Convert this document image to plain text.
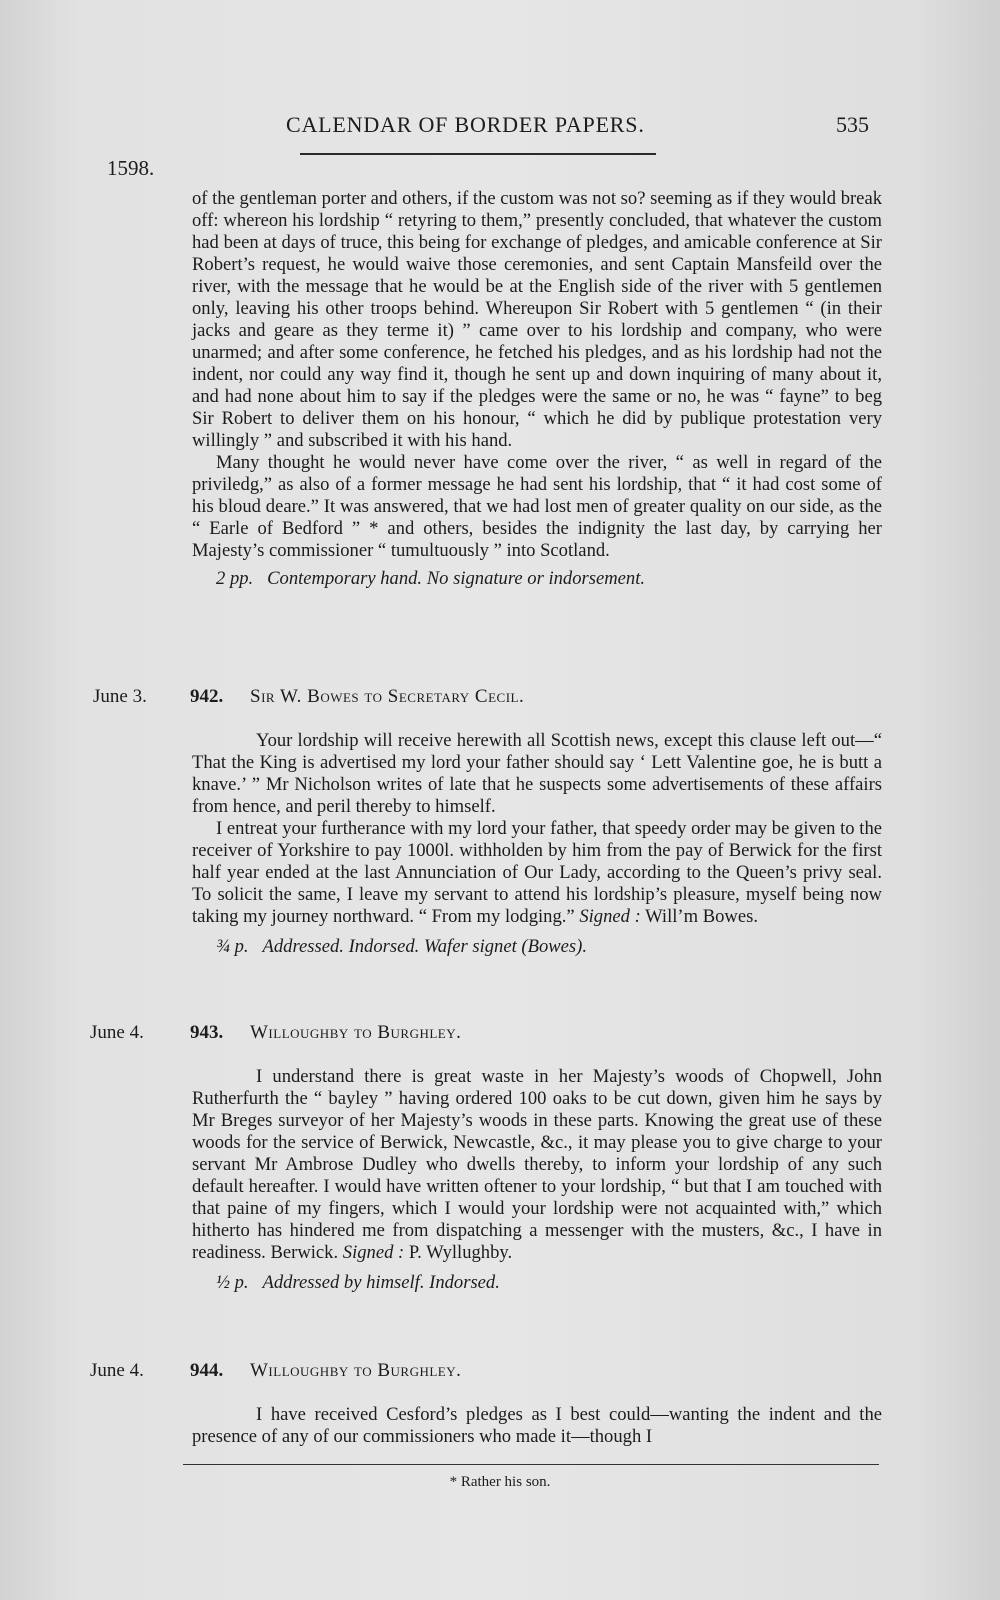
CALENDAR OF BORDER PAPERS.	535
1598.

of the gentleman porter and others, if the custom was not so? seeming as if they would break off: whereon his lordship “ retyring to them,” presently concluded, that whatever the custom had been at days of truce, this being for exchange of pledges, and amicable conference at Sir Robert’s request, he would waive those ceremonies, and sent Captain Mansfeild over the river, with the message that he would be at the English side of the river with 5 gentlemen only, leaving his other troops behind. Whereupon Sir Robert with 5 gentlemen “ (in their jacks and geare as they terme it) ” came over to his lordship and company, who were unarmed; and after some conference, he fetched his pledges, and as his lordship had not the indent, nor could any way find it, though he sent up and down inquiring of many about it, and had none about him to say if the pledges were the same or no, he was “ fayne” to beg Sir Robert to deliver them on his honour, “ which he did by publique protestation very willingly ” and subscribed it with his hand.

Many thought he would never have come over the river, “ as well in regard of the priviledg,” as also of a former message he had sent his lordship, that “ it had cost some of his bloud deare.” It was answered, that we had lost men of greater quality on our side, as the “ Earle of Bedford ” * and others, besides the indignity the last day, by carrying her Majesty’s commissioner “ tumultuously ” into Scotland.

2 pp. Contemporary hand. No signature or indorsement.

June 3. 942. Sir W. Bowes to Secretary Cecil.

Your lordship will receive herewith all Scottish news, except this clause left out—“ That the King is advertised my lord your father should say ‘ Lett Valentine goe, he is butt a knave.’ ” Mr Nicholson writes of late that he suspects some advertisements of these affairs from hence, and peril thereby to himself.

I entreat your furtherance with my lord your father, that speedy order may be given to the receiver of Yorkshire to pay 1000l. withholden by him from the pay of Berwick for the first half year ended at the last Annunciation of Our Lady, according to the Queen’s privy seal. To solicit the same, I leave my servant to attend his lordship’s pleasure, myself being now taking my journey northward. “ From my lodging.” Signed : Will’m Bowes.

¾ p. Addressed. Indorsed. Wafer signet (Bowes).

June 4. 943. Willoughby to Burghley.

I understand there is great waste in her Majesty’s woods of Chopwell, John Rutherfurth the “ bayley ” having ordered 100 oaks to be cut down, given him he says by Mr Breges surveyor of her Majesty’s woods in these parts. Knowing the great use of these woods for the service of Berwick, Newcastle, &c., it may please you to give charge to your servant Mr Ambrose Dudley who dwells thereby, to inform your lordship of any such default hereafter. I would have written oftener to your lordship, “ but that I am touched with that paine of my fingers, which I would your lordship were not acquainted with,” which hitherto has hindered me from dispatching a messenger with the musters, &c., I have in readiness. Berwick. Signed : P. Wyllughby.

½ p. Addressed by himself. Indorsed.

June 4. 944. Willoughby to Burghley.

I have received Cesford’s pledges as I best could—wanting the indent and the presence of any of our commissioners who made it—though I

* Rather his son.
